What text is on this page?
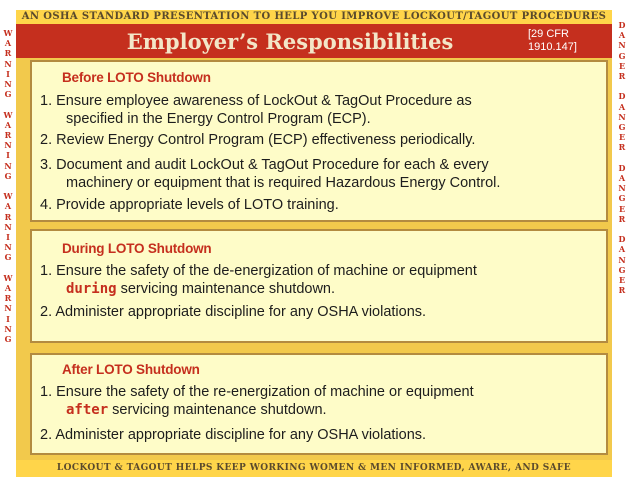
W
A
R
N
I
N
G

W
A
R
N
I
N
G

W
A
R
N
I
N
G

W
A
R
N
I
N
G
D
A
N
G
E
R

D
A
N
G
E
R

D
A
N
G
E
R

D
A
N
G
E
R
AN OSHA STANDARD PRESENTATION TO HELP YOU IMPROVE LOCKOUT/TAGOUT PROCEDURES
Employer’s Responsibilities	[29 CFR
1910.147]
Before LOTO Shutdown
1. Ensure employee awareness of LockOut & TagOut Procedure as
specified in the Energy Control Program (ECP).
2. Review Energy Control Program (ECP) effectiveness periodically.
3. Document and audit LockOut & TagOut Procedure for each & every
machinery or equipment that is required Hazardous Energy Control.
4. Provide appropriate levels of LOTO training.
During LOTO Shutdown
1. Ensure the safety of the de-energization of machine or equipment
during servicing maintenance shutdown.
2. Administer appropriate discipline for any OSHA violations.
After LOTO Shutdown
1. Ensure the safety of the re-energization of machine or equipment
after servicing maintenance shutdown.
2. Administer appropriate discipline for any OSHA violations.
LOCKOUT & TAGOUT HELPS KEEP WORKING WOMEN & MEN INFORMED, AWARE, AND SAFE
